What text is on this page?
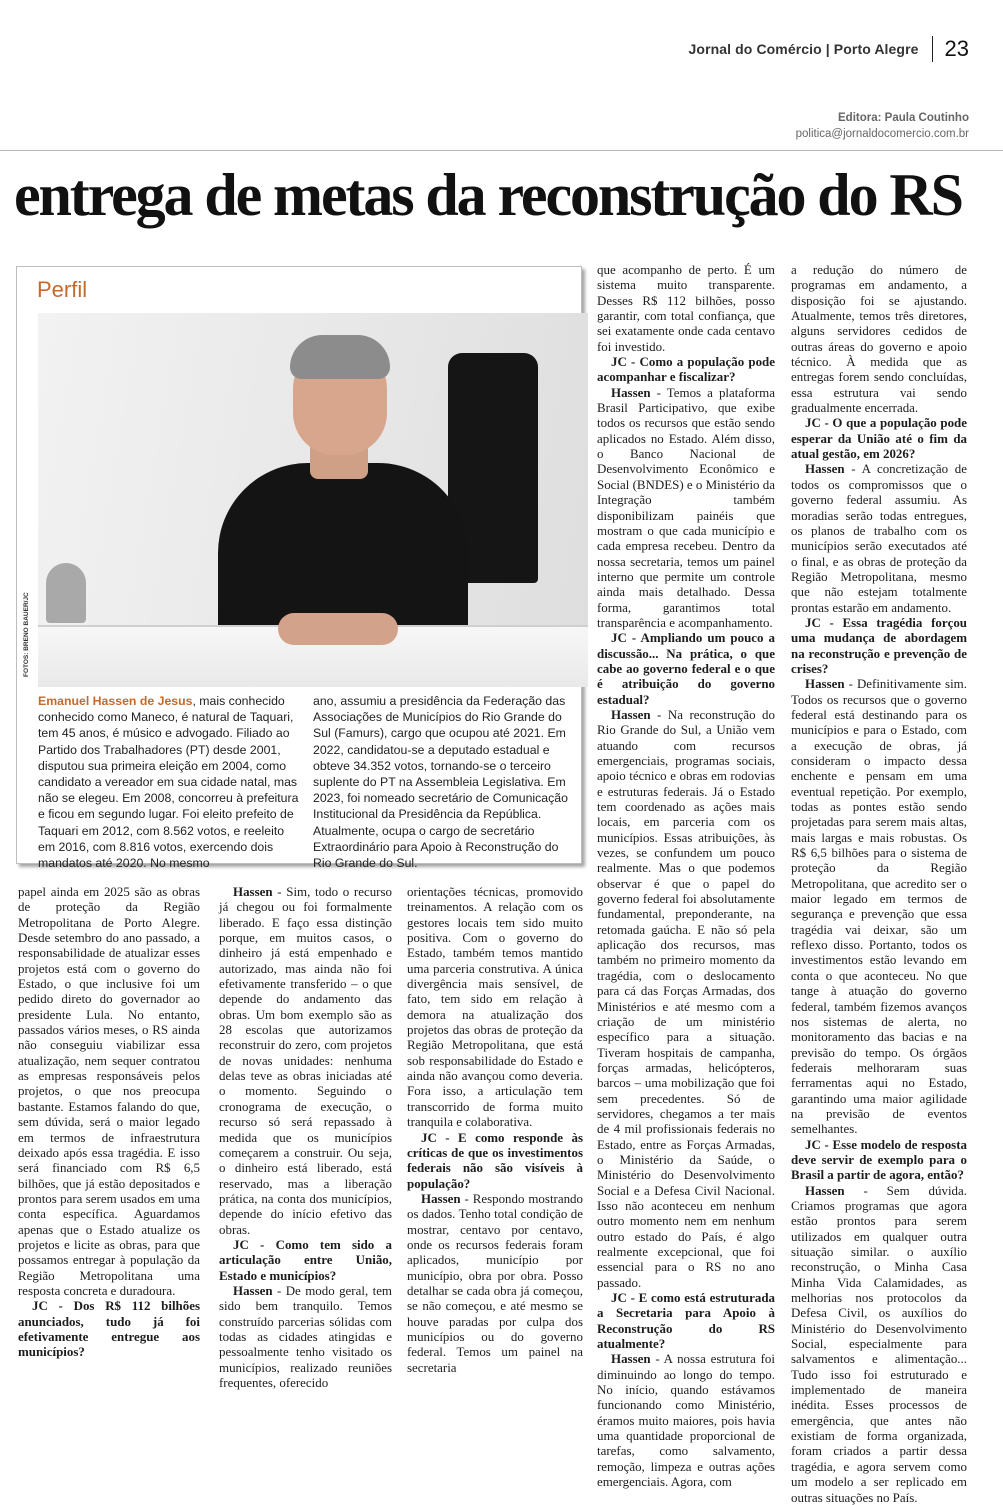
Jornal do Comércio | Porto Alegre 23
Editora: Paula Coutinho
politica@jornaldocomercio.com.br
entrega de metas da reconstrução do RS
Perfil
FOTOS: BRENO BAUER/JC
Emanuel Hassen de Jesus, mais conhecido conhecido como Maneco, é natural de Taquari, tem 45 anos, é músico e advogado. Filiado ao Partido dos Trabalhadores (PT) desde 2001, disputou sua primeira eleição em 2004, como candidato a vereador em sua cidade natal, mas não se elegeu. Em 2008, concorreu à prefeitura e ficou em segundo lugar. Foi eleito prefeito de Taquari em 2012, com 8.562 votos, e reeleito em 2016, com 8.816 votos, exercendo dois mandatos até 2020. No mesmo
ano, assumiu a presidência da Federação das Associações de Municípios do Rio Grande do Sul (Famurs), cargo que ocupou até 2021. Em 2022, candidatou-se a deputado estadual e obteve 34.352 votos, tornando-se o terceiro suplente do PT na Assembleia Legislativa. Em 2023, foi nomeado secretário de Comunicação Institucional da Presidência da República. Atualmente, ocupa o cargo de secretário Extraordinário para Apoio à Reconstrução do Rio Grande do Sul.

papel ainda em 2025 são as obras de proteção da Região Metropolitana de Porto Alegre. Desde setembro do ano passado, a responsabilidade de atualizar esses projetos está com o governo do Estado, o que inclusive foi um pedido direto do governador ao presidente Lula. No entanto, passados vários meses, o RS ainda não conseguiu viabilizar essa atualização, nem sequer contratou as empresas responsáveis pelos projetos, o que nos preocupa bastante. Estamos falando do que, sem dúvida, será o maior legado em termos de infraestrutura deixado após essa tragédia. E isso será financiado com R$ 6,5 bilhões, que já estão depositados e prontos para serem usados em uma conta específica. Aguardamos apenas que o Estado atualize os projetos e licite as obras, para que possamos entregar à população da Região Metropolitana uma resposta concreta e duradoura.

JC - Dos R$ 112 bilhões anunciados, tudo já foi efetivamente entregue aos municípios?

Hassen - Sim, todo o recurso já chegou ou foi formalmente liberado. E faço essa distinção porque, em muitos casos, o dinheiro já está empenhado e autorizado, mas ainda não foi efetivamente transferido – o que depende do andamento das obras. Um bom exemplo são as 28 escolas que autorizamos reconstruir do zero, com projetos de novas unidades: nenhuma delas teve as obras iniciadas até o momento. Seguindo o cronograma de execução, o recurso só será repassado à medida que os municípios começarem a construir. Ou seja, o dinheiro está liberado, está reservado, mas a liberação prática, na conta dos municípios, depende do início efetivo das obras.

JC - Como tem sido a articulação entre União, Estado e municípios?

Hassen - De modo geral, tem sido bem tranquilo. Temos construído parcerias sólidas com todas as cidades atingidas e pessoalmente tenho visitado os municípios, realizado reuniões frequentes, oferecido

orientações técnicas, promovido treinamentos. A relação com os gestores locais tem sido muito positiva. Com o governo do Estado, também temos mantido uma parceria construtiva. A única divergência mais sensível, de fato, tem sido em relação à demora na atualização dos projetos das obras de proteção da Região Metropolitana, que está sob responsabilidade do Estado e ainda não avançou como deveria. Fora isso, a articulação tem transcorrido de forma muito tranquila e colaborativa.

JC - E como responde às críticas de que os investimentos federais não são visíveis à população?

Hassen - Respondo mostrando os dados. Tenho total condição de mostrar, centavo por centavo, onde os recursos federais foram aplicados, município por município, obra por obra. Posso detalhar se cada obra já começou, se não começou, e até mesmo se houve paradas por culpa dos municípios ou do governo federal. Temos um painel na secretaria

que acompanho de perto. É um sistema muito transparente. Desses R$ 112 bilhões, posso garantir, com total confiança, que sei exatamente onde cada centavo foi investido.

JC - Como a população pode acompanhar e fiscalizar?

Hassen - Temos a plataforma Brasil Participativo, que exibe todos os recursos que estão sendo aplicados no Estado. Além disso, o Banco Nacional de Desenvolvimento Econômico e Social (BNDES) e o Ministério da Integração também disponibilizam painéis que mostram o que cada município e cada empresa recebeu. Dentro da nossa secretaria, temos um painel interno que permite um controle ainda mais detalhado. Dessa forma, garantimos total transparência e acompanhamento.

JC - Ampliando um pouco a discussão... Na prática, o que cabe ao governo federal e o que é atribuição do governo estadual?

Hassen - Na reconstrução do Rio Grande do Sul, a União vem atuando com recursos emergenciais, programas sociais, apoio técnico e obras em rodovias e estruturas federais. Já o Estado tem coordenado as ações mais locais, em parceria com os municípios. Essas atribuições, às vezes, se confundem um pouco realmente. Mas o que podemos observar é que o papel do governo federal foi absolutamente fundamental, preponderante, na retomada gaúcha. E não só pela aplicação dos recursos, mas também no primeiro momento da tragédia, com o deslocamento para cá das Forças Armadas, dos Ministérios e até mesmo com a criação de um ministério específico para a situação. Tiveram hospitais de campanha, forças armadas, helicópteros, barcos – uma mobilização que foi sem precedentes. Só de servidores, chegamos a ter mais de 4 mil profissionais federais no Estado, entre as Forças Armadas, o Ministério da Saúde, o Ministério do Desenvolvimento Social e a Defesa Civil Nacional. Isso não aconteceu em nenhum outro momento nem em nenhum outro estado do País, é algo realmente excepcional, que foi essencial para o RS no ano passado.

JC - E como está estruturada a Secretaria para Apoio à Reconstrução do RS atualmente?

Hassen - A nossa estrutura foi diminuindo ao longo do tempo. No início, quando estávamos funcionando como Ministério, éramos muito maiores, pois havia uma quantidade proporcional de tarefas, como salvamento, remoção, limpeza e outras ações emergenciais. Agora, com

a redução do número de programas em andamento, a disposição foi se ajustando. Atualmente, temos três diretores, alguns servidores cedidos de outras áreas do governo e apoio técnico. À medida que as entregas forem sendo concluídas, essa estrutura vai sendo gradualmente encerrada.

JC - O que a população pode esperar da União até o fim da atual gestão, em 2026?

Hassen - A concretização de todos os compromissos que o governo federal assumiu. As moradias serão todas entregues, os planos de trabalho com os municípios serão executados até o final, e as obras de proteção da Região Metropolitana, mesmo que não estejam totalmente prontas estarão em andamento.

JC - Essa tragédia forçou uma mudança de abordagem na reconstrução e prevenção de crises?

Hassen - Definitivamente sim. Todos os recursos que o governo federal está destinando para os municípios e para o Estado, com a execução de obras, já consideram o impacto dessa enchente e pensam em uma eventual repetição. Por exemplo, todas as pontes estão sendo projetadas para serem mais altas, mais largas e mais robustas. Os R$ 6,5 bilhões para o sistema de proteção da Região Metropolitana, que acredito ser o maior legado em termos de segurança e prevenção que essa tragédia vai deixar, são um reflexo disso. Portanto, todos os investimentos estão levando em conta o que aconteceu. No que tange à atuação do governo federal, também fizemos avanços nos sistemas de alerta, no monitoramento das bacias e na previsão do tempo. Os órgãos federais melhoraram suas ferramentas aqui no Estado, garantindo uma maior agilidade na previsão de eventos semelhantes.

JC - Esse modelo de resposta deve servir de exemplo para o Brasil a partir de agora, então?

Hassen - Sem dúvida. Criamos programas que agora estão prontos para serem utilizados em qualquer outra situação similar. o auxílio reconstrução, o Minha Casa Minha Vida Calamidades, as melhorias nos protocolos da Defesa Civil, os auxílios do Ministério do Desenvolvimento Social, especialmente para salvamentos e alimentação... Tudo isso foi estruturado e implementado de maneira inédita. Esses processos de emergência, que antes não existiam de forma organizada, foram criados a partir dessa tragédia, e agora servem como um modelo a ser replicado em outras situações no País.
